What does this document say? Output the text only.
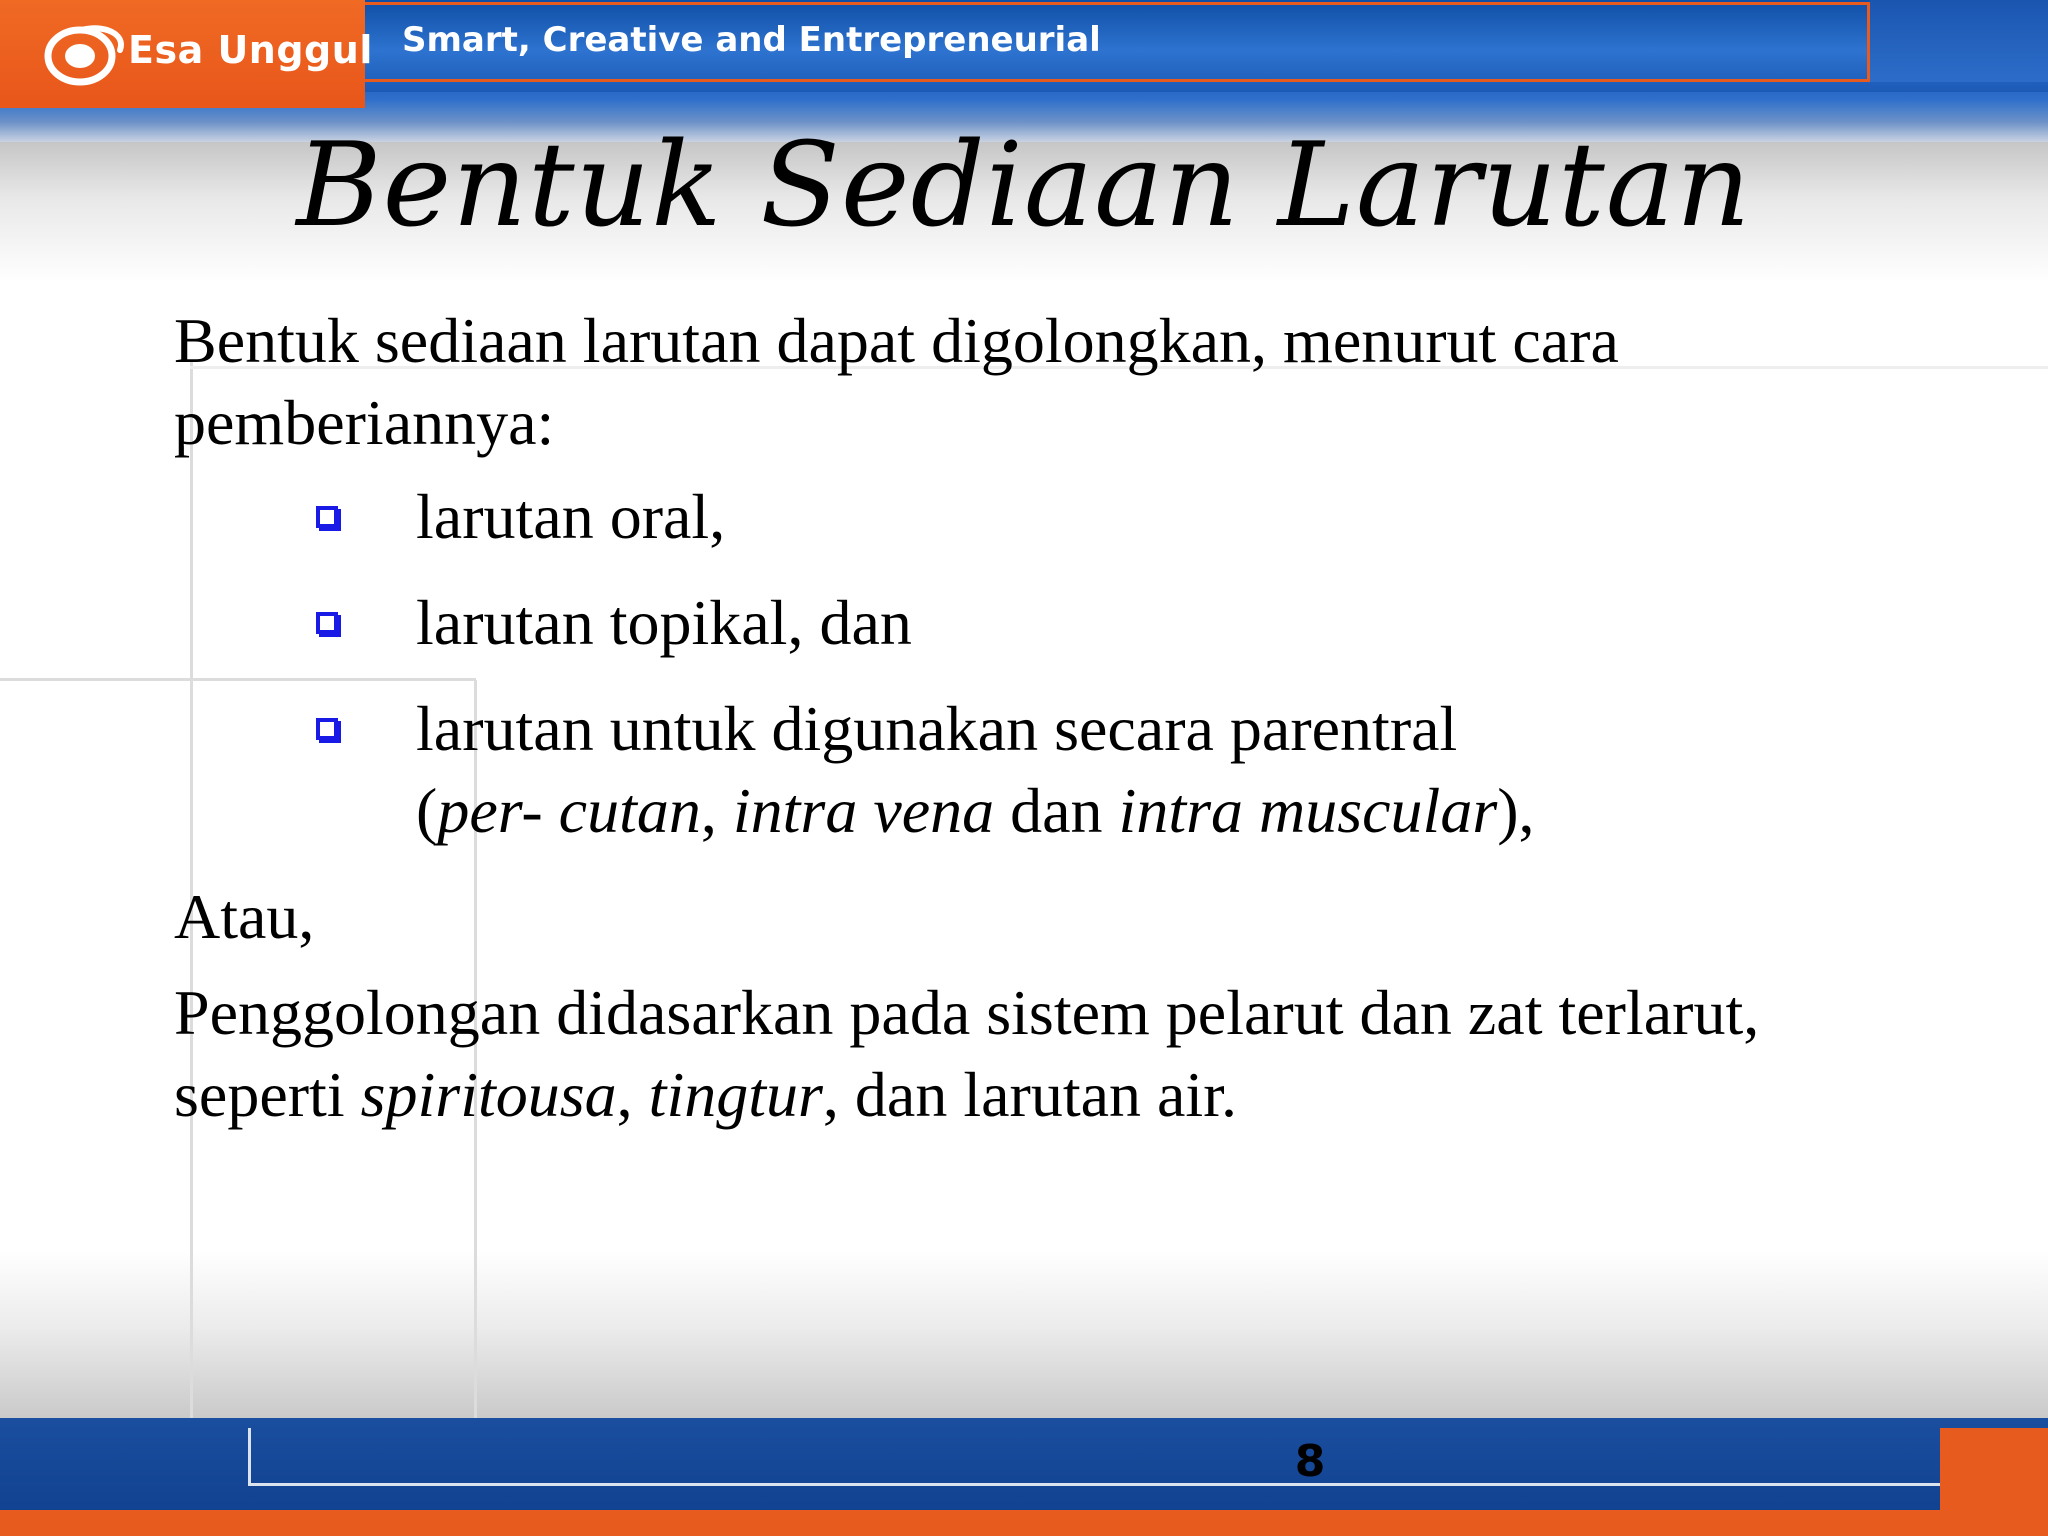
Smart, Creative and Entrepreneurial
Esa Unggul
8
Bentuk Sediaan Larutan

Bentuk sediaan larutan dapat digolongkan, menurut cara pemberiannya:

larutan oral,
larutan topikal, dan
larutan untuk digunakan secara parentral
(per- cutan, intra vena dan intra muscular),

Atau,

Penggolongan didasarkan pada sistem pelarut dan zat terlarut, seperti spiritousa, tingtur, dan larutan air.
